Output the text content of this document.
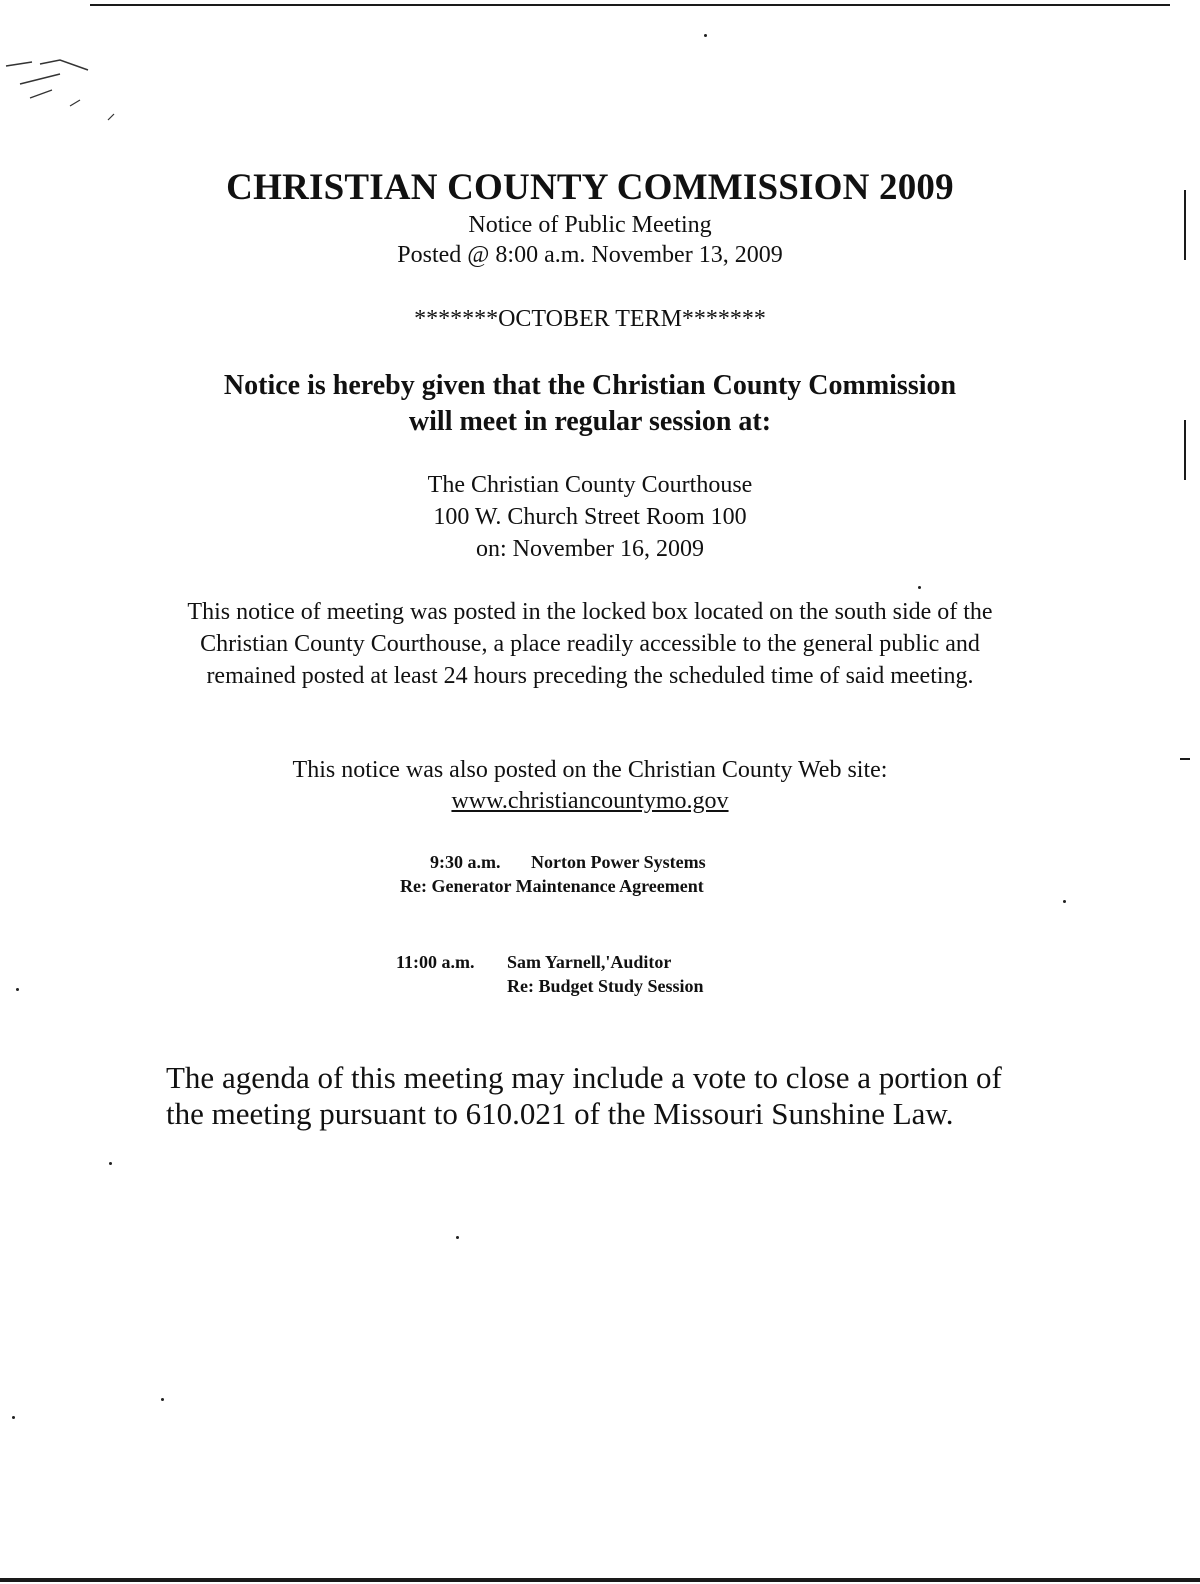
CHRISTIAN COUNTY COMMISSION 2009
Notice of Public Meeting
Posted @ 8:00 a.m. November 13, 2009
*******OCTOBER TERM*******
Notice is hereby given that the Christian County Commission
will meet in regular session at:
The Christian County Courthouse
100 W. Church Street Room 100
on: November 16, 2009
This notice of meeting was posted in the locked box located on the south side of the Christian County Courthouse, a place readily accessible to the general public and remained posted at least 24 hours preceding the scheduled time of said meeting.
This notice was also posted on the Christian County Web site:
www.christiancountymo.gov
9:30 a.m. Norton Power Systems
Re: Generator Maintenance Agreement
11:00 a.m. Sam Yarnell,'Auditor
Re: Budget Study Session
The agenda of this meeting may include a vote to close a portion of
the meeting pursuant to 610.021 of the Missouri Sunshine Law.
